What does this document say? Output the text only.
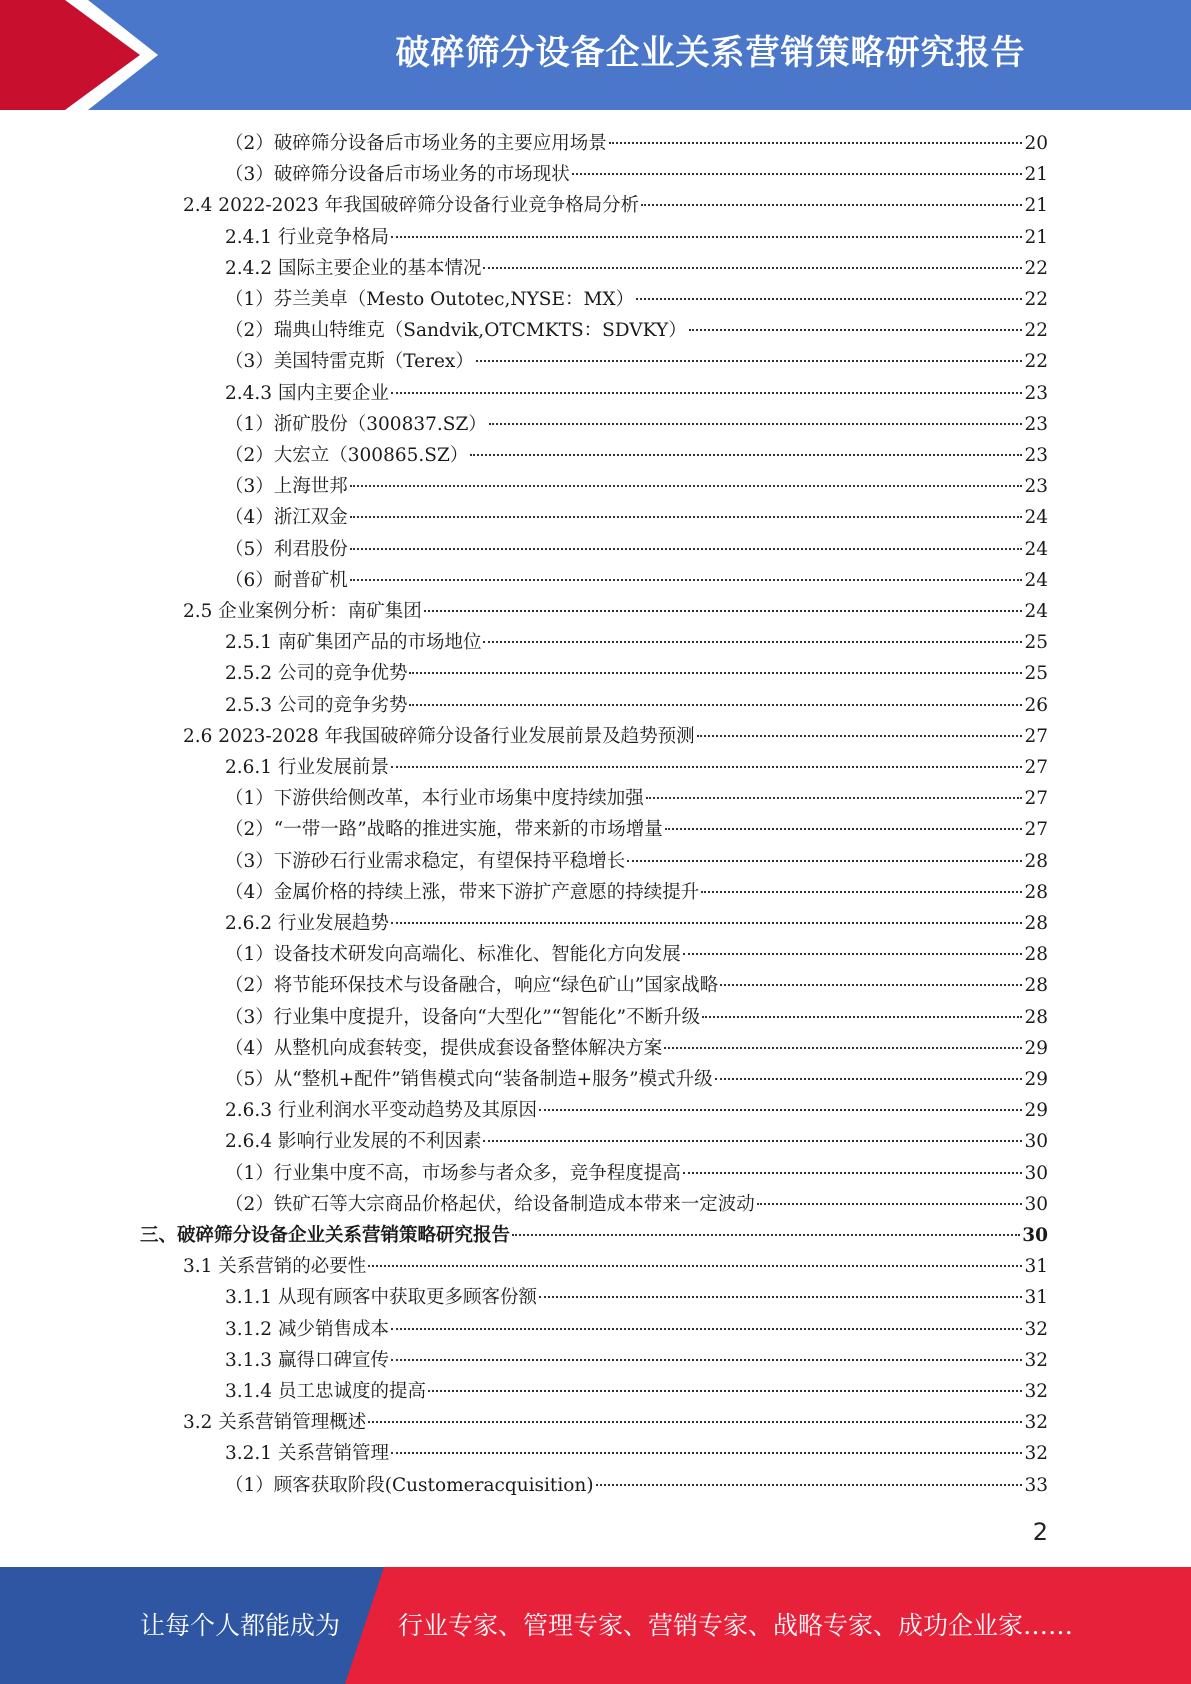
破碎筛分设备企业关系营销策略研究报告
（2）破碎筛分设备后市场业务的主要应用场景	20
（3）破碎筛分设备后市场业务的市场现状	21
2.4 2022-2023 年我国破碎筛分设备行业竞争格局分析	21
2.4.1 行业竞争格局	21
2.4.2 国际主要企业的基本情况	22
（1）芬兰美卓（Mesto Outotec,NYSE：MX）	22
（2）瑞典山特维克（Sandvik,OTCMKTS：SDVKY）	22
（3）美国特雷克斯（Terex）	22
2.4.3 国内主要企业	23
（1）浙矿股份（300837.SZ）	23
（2）大宏立（300865.SZ）	23
（3）上海世邦	23
（4）浙江双金	24
（5）利君股份	24
（6）耐普矿机	24
2.5 企业案例分析：南矿集团	24
2.5.1 南矿集团产品的市场地位	25
2.5.2 公司的竞争优势	25
2.5.3 公司的竞争劣势	26
2.6 2023-2028 年我国破碎筛分设备行业发展前景及趋势预测	27
2.6.1 行业发展前景	27
（1）下游供给侧改革，本行业市场集中度持续加强	27
（2）“一带一路”战略的推进实施，带来新的市场增量	27
（3）下游砂石行业需求稳定，有望保持平稳增长	28
（4）金属价格的持续上涨，带来下游扩产意愿的持续提升	28
2.6.2 行业发展趋势	28
（1）设备技术研发向高端化、标准化、智能化方向发展	28
（2）将节能环保技术与设备融合，响应“绿色矿山”国家战略	28
（3）行业集中度提升，设备向“大型化”“智能化”不断升级	28
（4）从整机向成套转变，提供成套设备整体解决方案	29
（5）从“整机+配件”销售模式向“装备制造+服务”模式升级	29
2.6.3 行业利润水平变动趋势及其原因	29
2.6.4 影响行业发展的不利因素	30
（1）行业集中度不高，市场参与者众多，竞争程度提高	30
（2）铁矿石等大宗商品价格起伏，给设备制造成本带来一定波动	30
三、破碎筛分设备企业关系营销策略研究报告	30
3.1 关系营销的必要性	31
3.1.1 从现有顾客中获取更多顾客份额	31
3.1.2 减少销售成本	32
3.1.3 赢得口碑宣传	32
3.1.4 员工忠诚度的提高	32
3.2 关系营销管理概述	32
3.2.1 关系营销管理	32
（1）顾客获取阶段(Customeracquisition)	33
2
让每个人都能成为 行业专家、管理专家、营销专家、战略专家、成功企业家……
